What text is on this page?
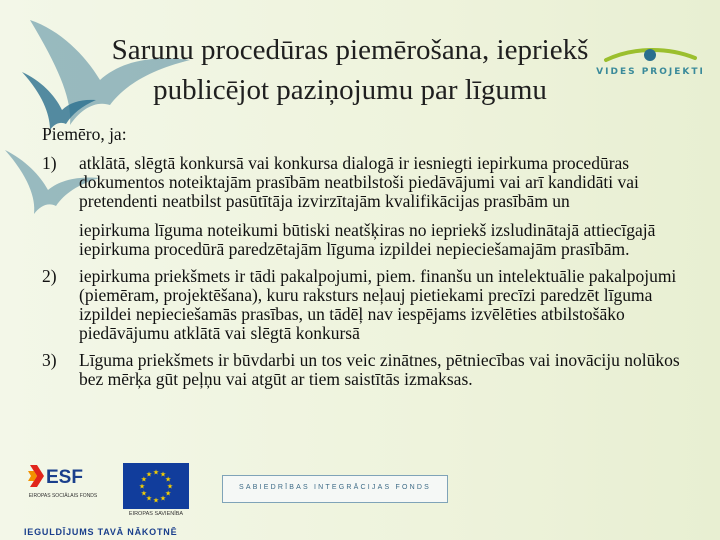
Sarunu procedūras piemērošana, iepriekš
publicējot paziņojumu par līgumu
VIDES PROJEKTI
Piemēro, ja:
1) atklātā, slēgtā konkursā vai konkursa dialogā ir iesniegti iepirkuma procedūras dokumentos noteiktajām prasībām neatbilstoši piedāvājumi vai arī kandidāti vai pretendenti neatbilst pasūtītāja izvirzītajām kvalifikācijas prasībām un
iepirkuma līguma noteikumi būtiski neatšķiras no iepriekš izsludinātajā attiecīgajā iepirkuma procedūrā paredzētajām līguma izpildei nepieciešamajām prasībām.
2) iepirkuma priekšmets ir tādi pakalpojumi, piem. finanšu un intelektuālie pakalpojumi (piemēram, projektēšana), kuru raksturs neļauj pietiekami precīzi paredzēt līguma izpildei nepieciešamās prasības, un tādēļ nav iespējams izvēlēties atbilstošāko piedāvājumu atklātā vai slēgtā konkursā
3) Līguma priekšmets ir būvdarbi un tos veic zinātnes, pētniecības vai inovāciju nolūkos bez mērķa gūt peļņu vai atgūt ar tiem saistītās izmaksas.
ESF
EIROPAS SOCIĀLAIS FONDS
★ ★
★
★
★
★
★
★
★
★
★
★
EIROPAS SAVIENĪBA
SABIEDRĪBAS INTEGRĀCIJAS FONDS
IEGULDĪJUMS TAVĀ NĀKOTNĒ
